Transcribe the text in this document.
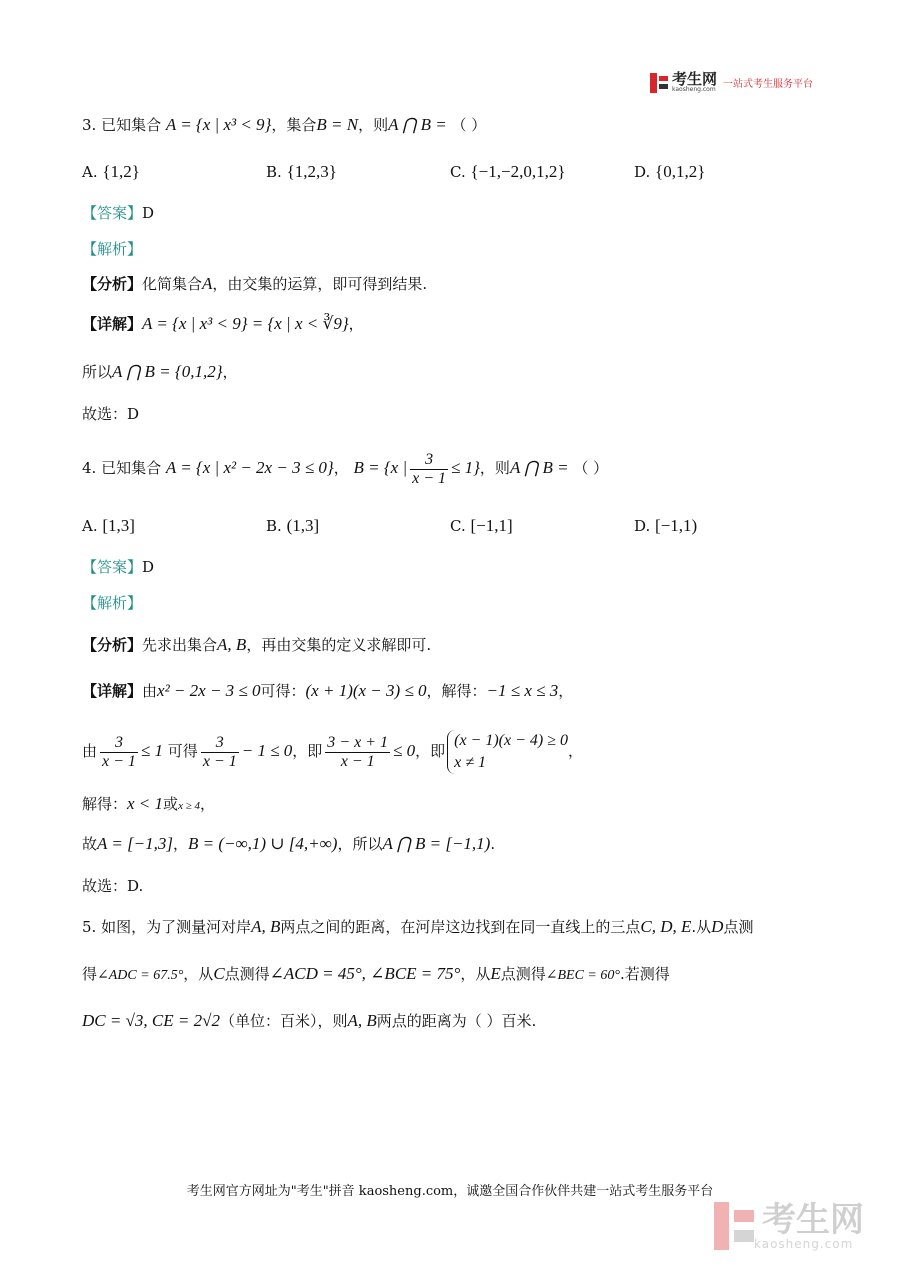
考生网
kaosheng.com 一站式考生服务平台
3. 已知集合 A = {x | x³ < 9}，集合B = N，则A ⋂ B = （ ）
A. {1,2}	B. {1,2,3}	C. {−1,−2,0,1,2}	D. {0,1,2}
【答案】D
【解析】
【分析】化简集合A，由交集的运算，即可得到结果.
【详解】A = {x | x³ < 9} = {x | x < ∛9}，
所以A ⋂ B = {0,1,2}，
故选：D
4. 已知集合 A = {x | x² − 2x − 3 ≤ 0}， B = {x | $\frac{3}{x - 1} \le 1$}，则A ⋂ B = （ ）
A. [1,3]	B. (1,3]	C. [−1,1]	D. [−1,1)
【答案】D
【解析】
【分析】先求出集合A, B，再由交集的定义求解即可.
【详解】由x² − 2x − 3 ≤ 0可得：(x + 1)(x − 3) ≤ 0，解得：−1 ≤ x ≤ 3，
由 $\frac{3}{x - 1} \le 1$ 可得 $\frac{3}{x - 1} - 1 \le 0$，即 $\frac{3 - x + 1}{x - 1} \le 0$，即(x − 1)(x − 4) ≥ 0
x ≠ 1，
解得：x < 1或x ≥ 4，
故A = [−1,3]，B = (−∞,1) ∪ [4,+∞)，所以A ⋂ B = [−1,1).
故选：D.
5. 如图，为了测量河对岸A, B两点之间的距离，在河岸这边找到在同一直线上的三点C, D, E.从D点测
得∠ADC = 67.5°，从C点测得∠ACD = 45°, ∠BCE = 75°，从E点测得∠BEC = 60°.若测得
DC = √3, CE = 2√2（单位：百米），则A, B两点的距离为（ ）百米.
考生网官方网址为"考生"拼音 kaosheng.com，诚邀全国合作伙伴共建一站式考生服务平台
考生网
kaosheng.com
